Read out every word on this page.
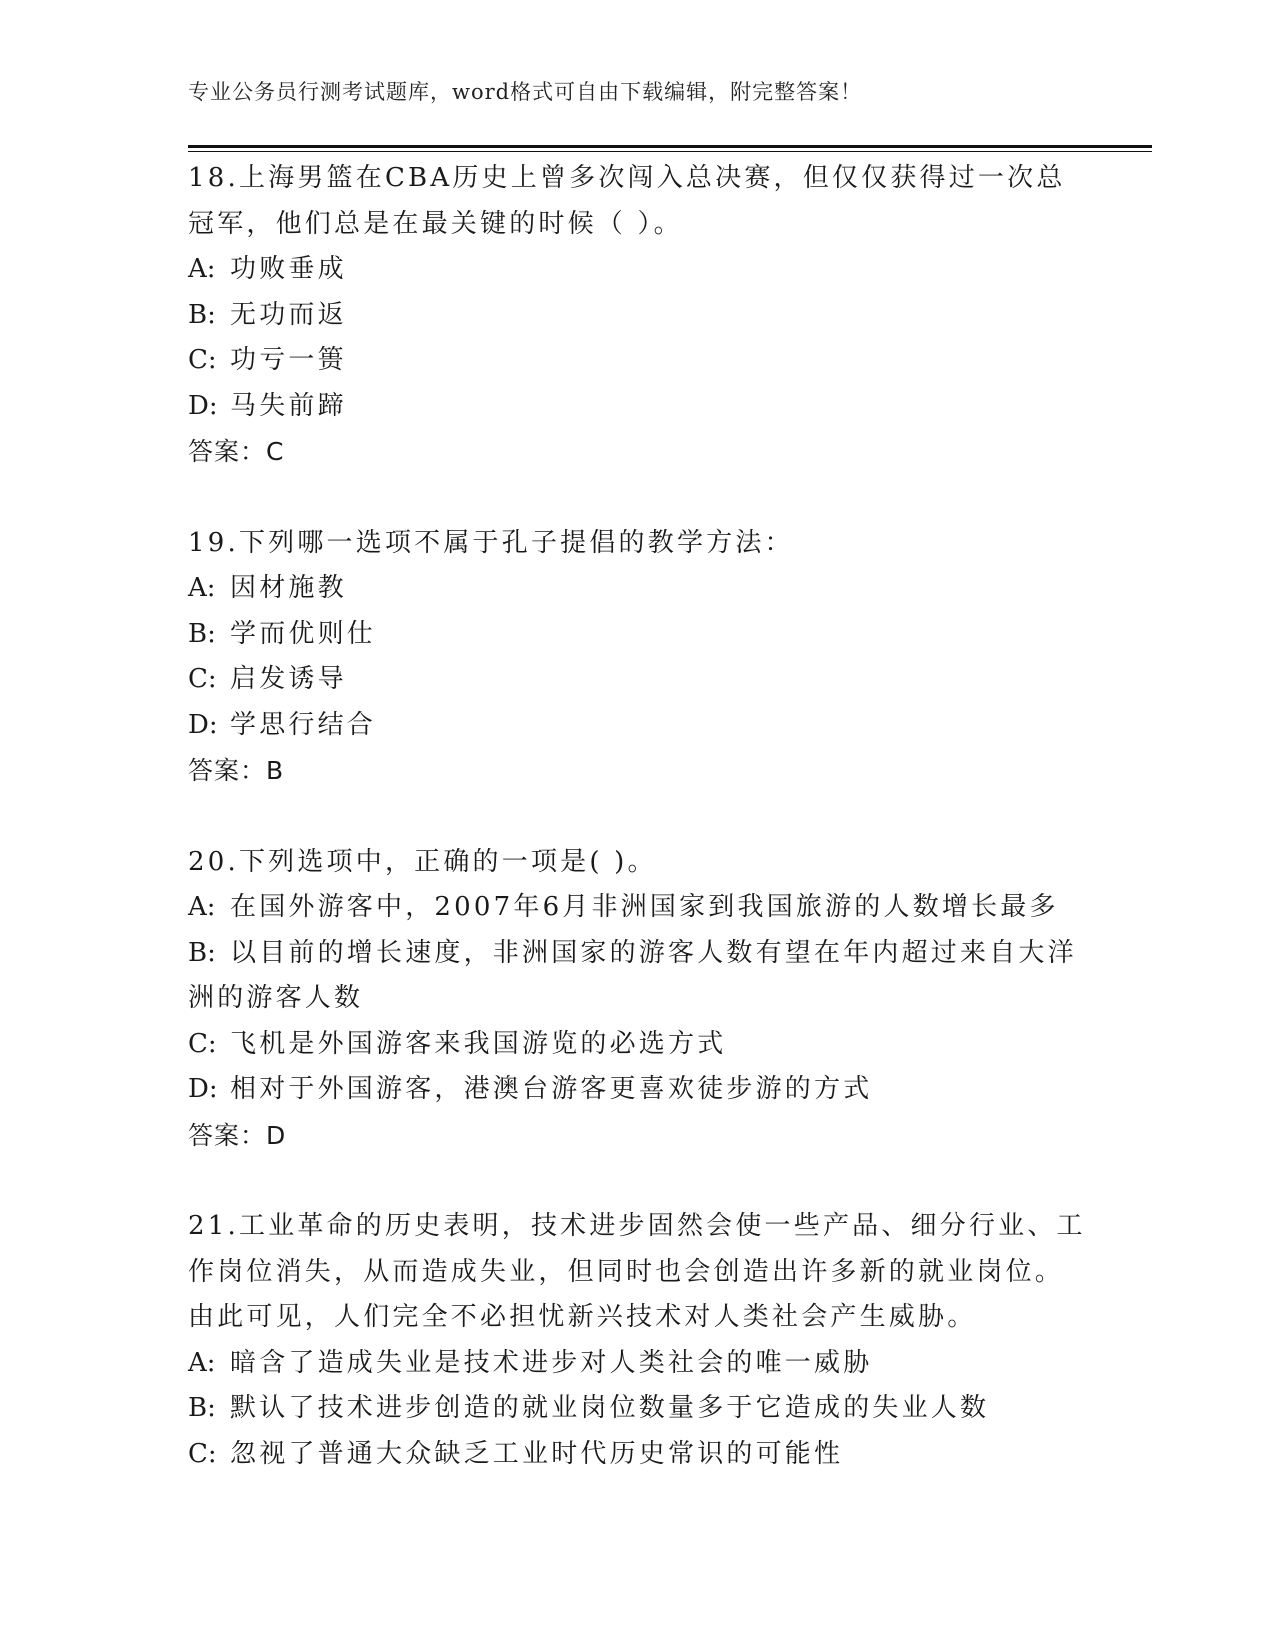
专业公务员行测考试题库，word格式可自由下载编辑，附完整答案！
18.上海男篮在CBA历史上曾多次闯入总决赛，但仅仅获得过一次总冠军，他们总是在最关键的时候（ ）。
A: 功败垂成
B: 无功而返
C: 功亏一篑
D: 马失前蹄
答案：C
19.下列哪一选项不属于孔子提倡的教学方法：
A: 因材施教
B: 学而优则仕
C: 启发诱导
D: 学思行结合
答案：B
20.下列选项中，正确的一项是( )。
A: 在国外游客中，2007年6月非洲国家到我国旅游的人数增长最多
B: 以目前的增长速度，非洲国家的游客人数有望在年内超过来自大洋洲的游客人数
C: 飞机是外国游客来我国游览的必选方式
D: 相对于外国游客，港澳台游客更喜欢徒步游的方式
答案：D
21.工业革命的历史表明，技术进步固然会使一些产品、细分行业、工作岗位消失，从而造成失业，但同时也会创造出许多新的就业岗位。由此可见，人们完全不必担忧新兴技术对人类社会产生威胁。
A: 暗含了造成失业是技术进步对人类社会的唯一威胁
B: 默认了技术进步创造的就业岗位数量多于它造成的失业人数
C: 忽视了普通大众缺乏工业时代历史常识的可能性
